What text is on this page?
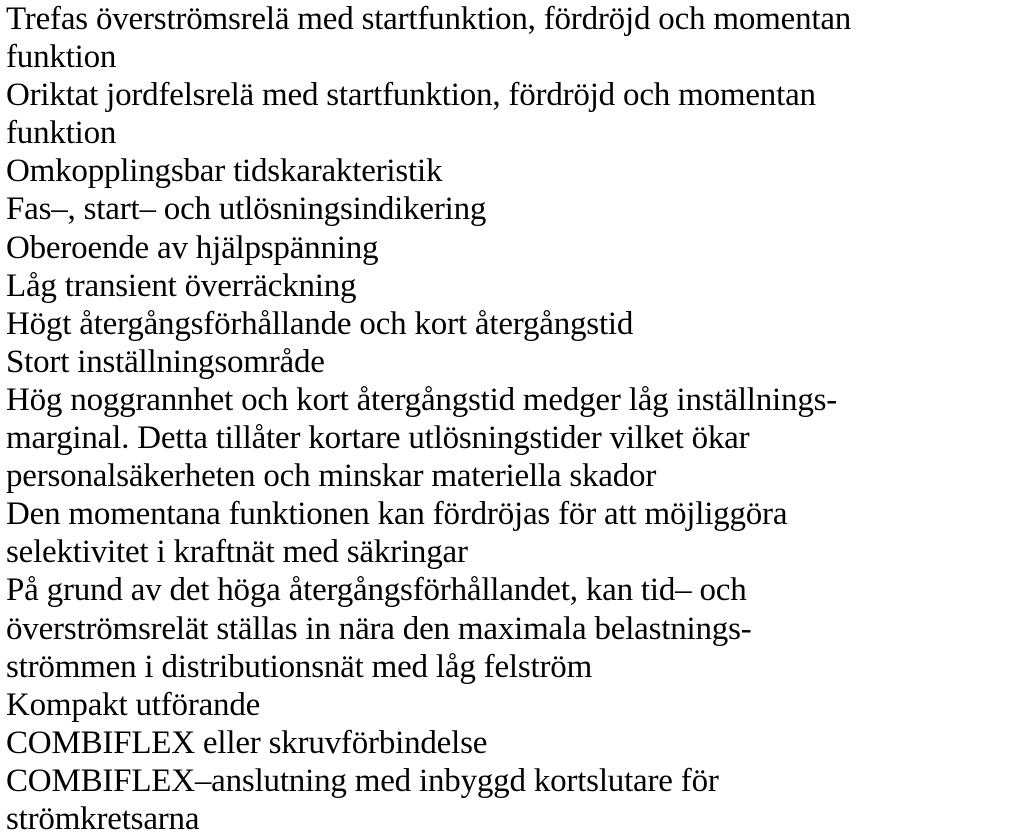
Trefas överströmsrelä med startfunktion, fördröjd och momentan
funktion
Oriktat jordfelsrelä med startfunktion, fördröjd och momentan
funktion
Omkopplingsbar tidskarakteristik
Fas–, start– och utlösningsindikering
Oberoende av hjälpspänning
Låg transient överräckning
Högt återgångsförhållande och kort återgångstid
Stort inställningsområde
Hög noggrannhet och kort återgångstid medger låg inställnings-
marginal. Detta tillåter kortare utlösningstider vilket ökar
personalsäkerheten och minskar materiella skador
Den momentana funktionen kan fördröjas för att möjliggöra
selektivitet i kraftnät med säkringar
På grund av det höga återgångsförhållandet, kan tid– och
överströmsrelät ställas in nära den maximala belastnings-
strömmen i distributionsnät med låg felström
Kompakt utförande
COMBIFLEX eller skruvförbindelse
COMBIFLEX–anslutning med inbyggd kortslutare för
strömkretsarna
